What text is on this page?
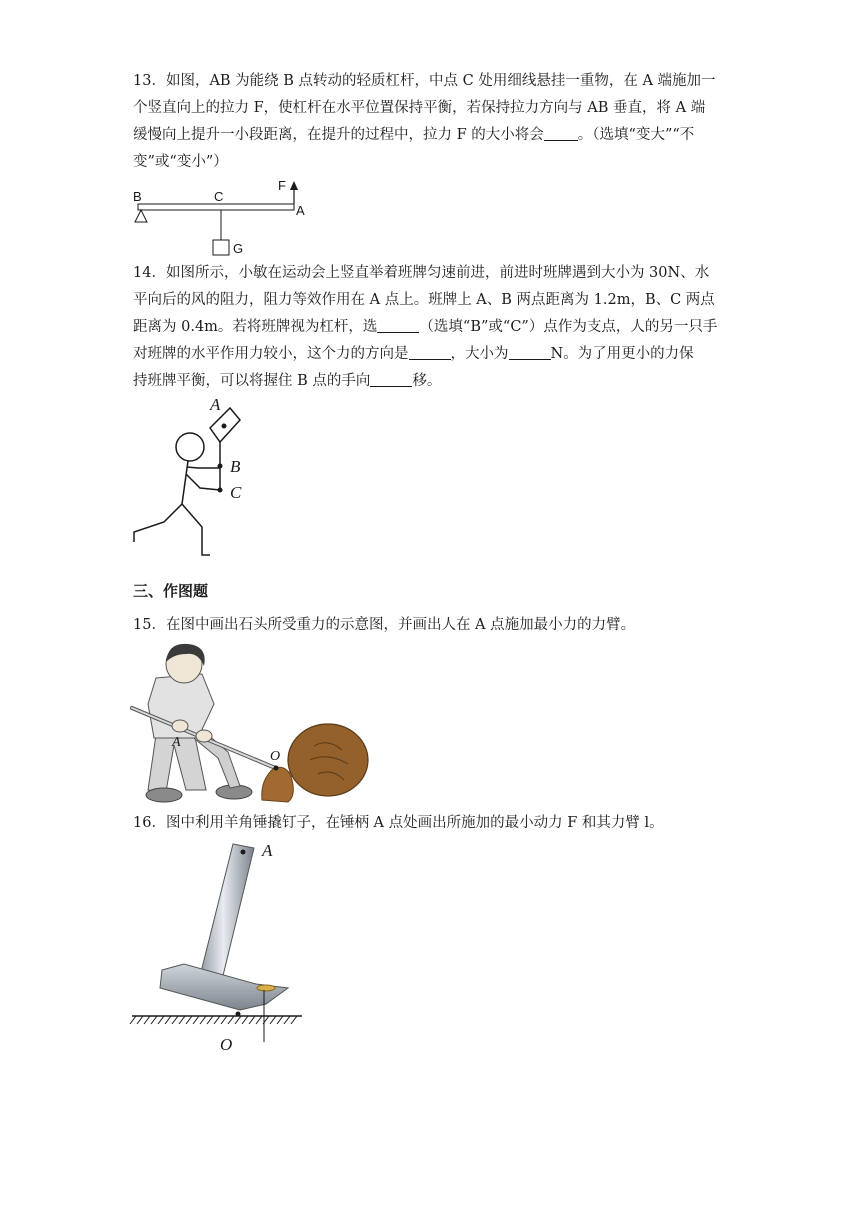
13．如图，AB 为能绕 B 点转动的轻质杠杆，中点 C 处用细线悬挂一重物，在 A 端施加一
个竖直向上的拉力 F，使杠杆在水平位置保持平衡，若保持拉力方向与 AB 垂直，将 A 端
缓慢向上提升一小段距离，在提升的过程中，拉力 F 的大小将会 。（选填“变大”“不
变”或“变小”）
B	C
F
A
G
14．如图所示，小敏在运动会上竖直举着班牌匀速前进，前进时班牌遇到大小为 30N、水
平向后的风的阻力，阻力等效作用在 A 点上。班牌上 A、B 两点距离为 1.2m，B、C 两点
距离为 0.4m。若将班牌视为杠杆，选	（选填“B”或“C”）点作为支点，人的另一只手
对班牌的水平作用力较小，这个力的方向是	，大小为	N。为了用更小的力保
持班牌平衡，可以将握住 B 点的手向	移。
A
B
C
三、作图题
15．在图中画出石头所受重力的示意图，并画出人在 A 点施加最小力的力臂。
A
O
16．图中利用羊角锤撬钉子，在锤柄 A 点处画出所施加的最小动力 F 和其力臂 l。
A
O
